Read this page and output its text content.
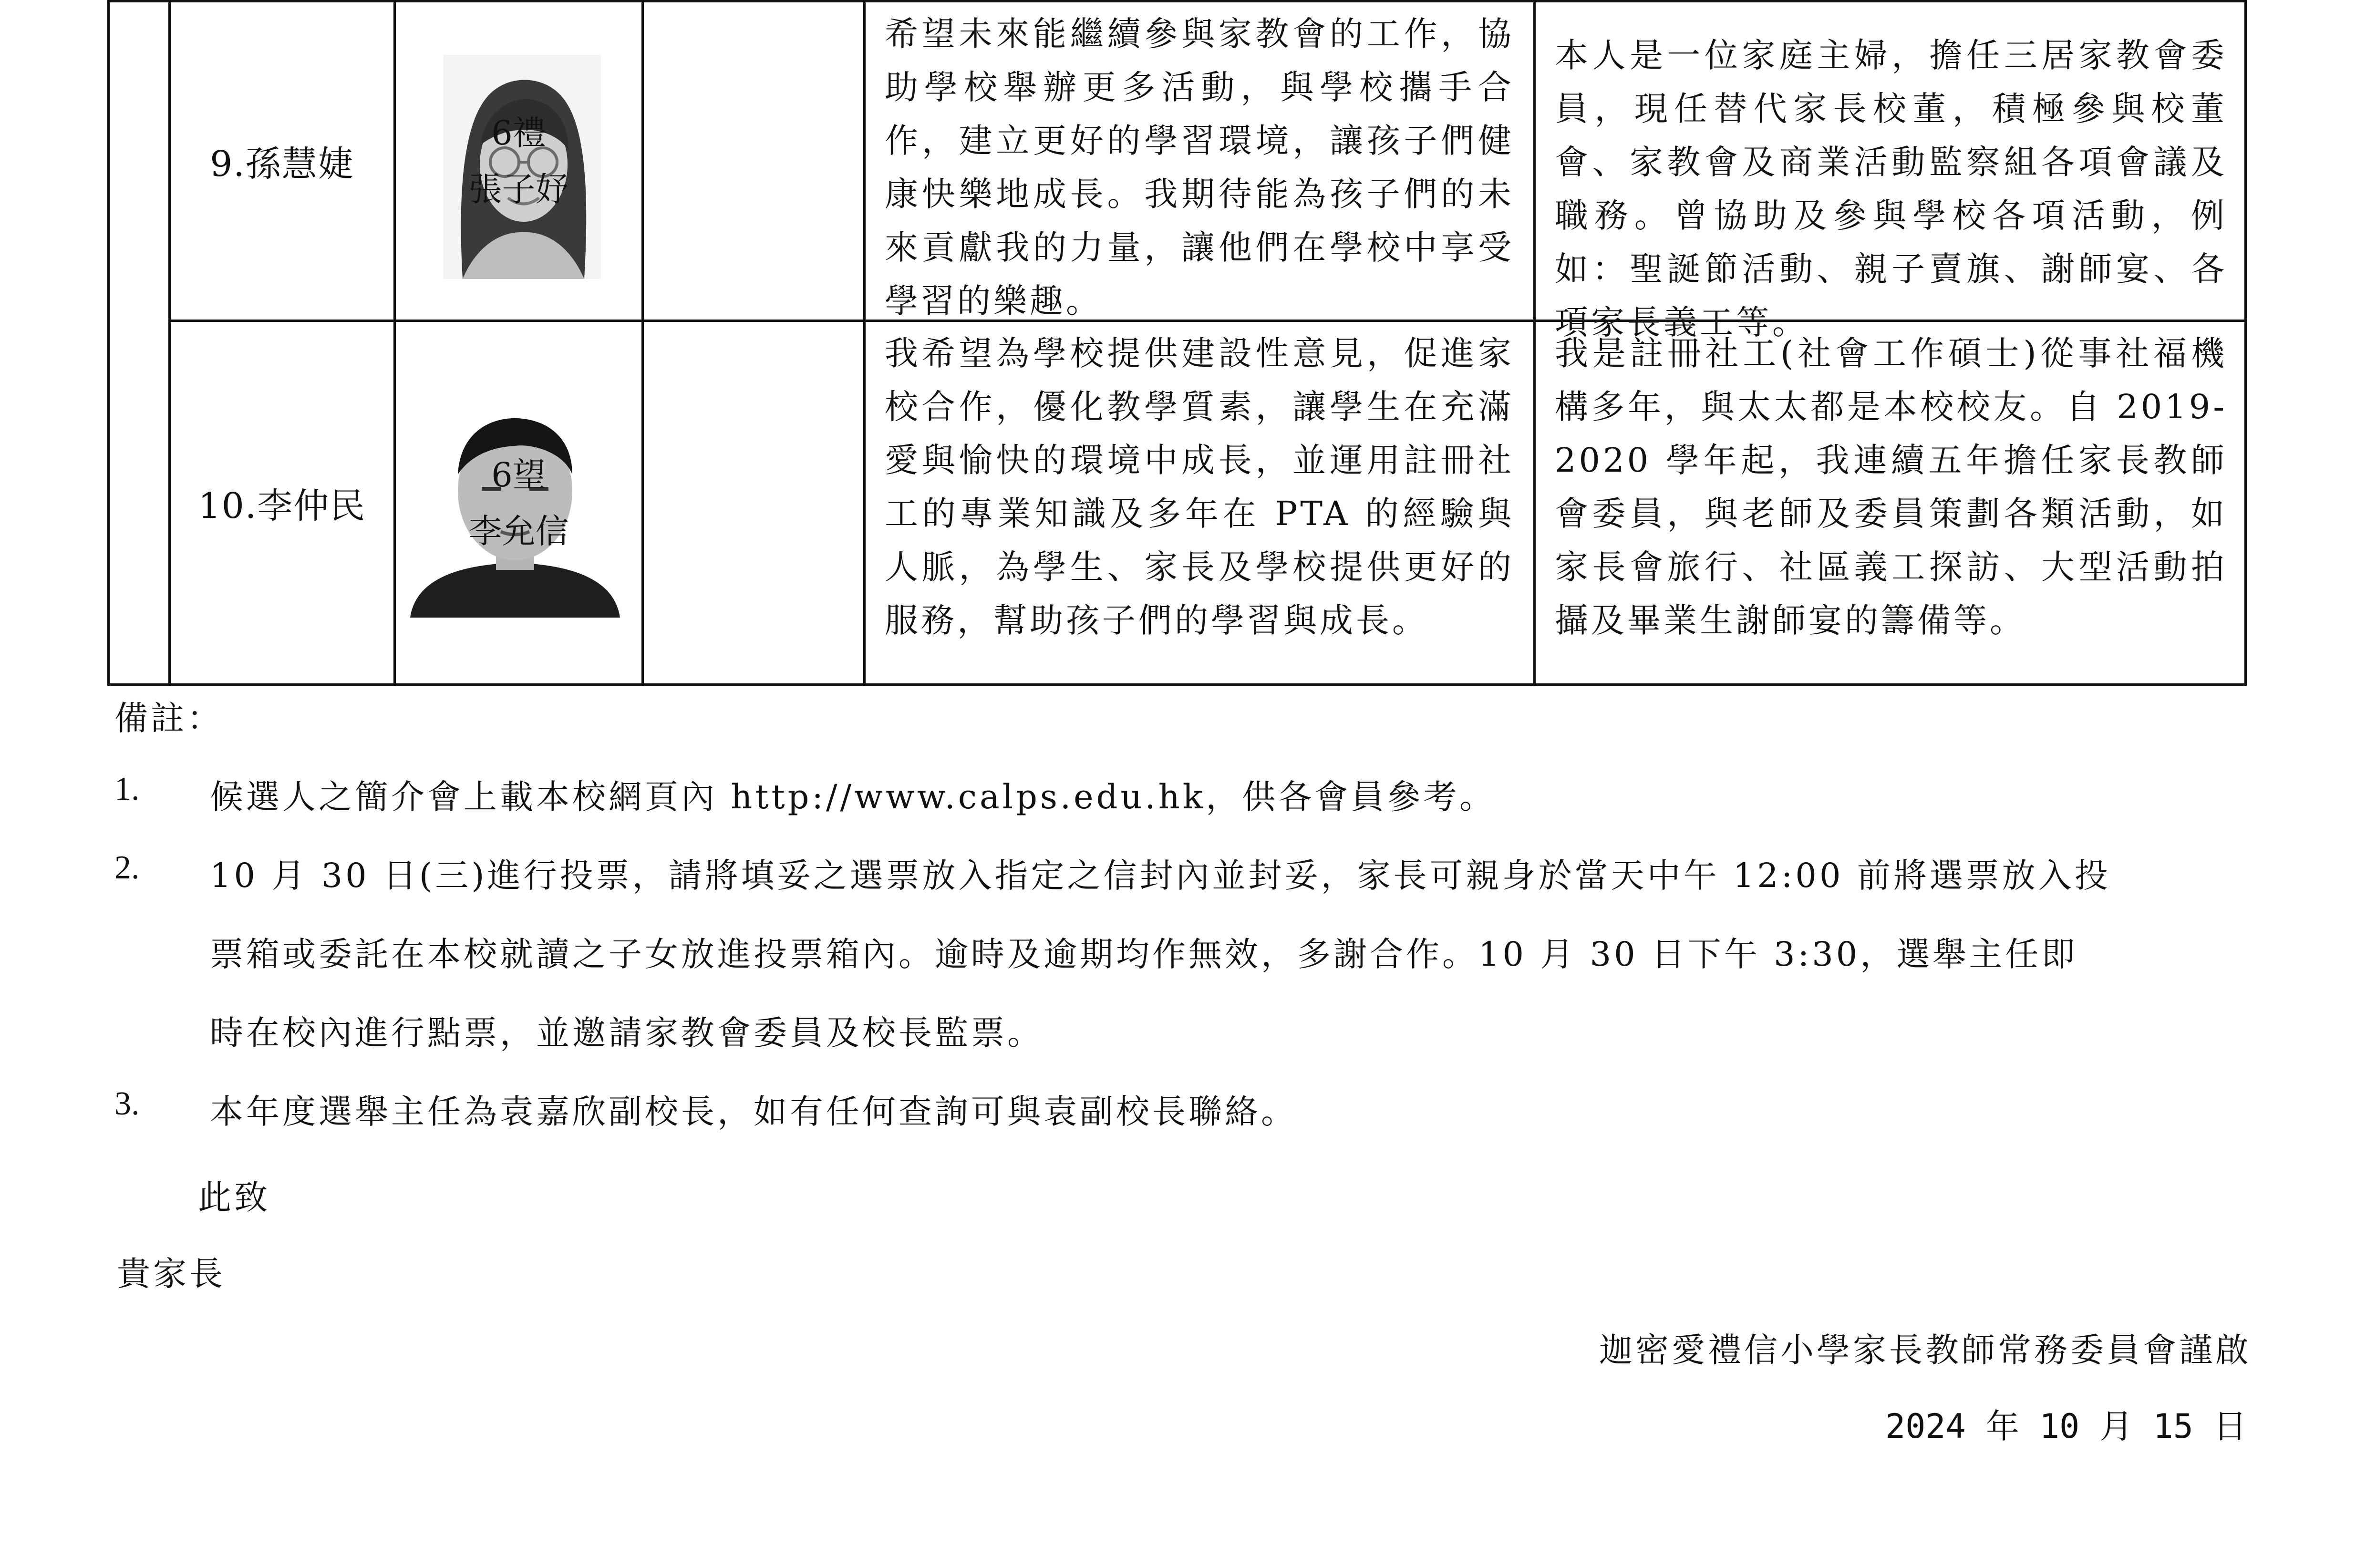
9.孫慧婕
6禮
張子妤
希望未來能繼續參與家教會的工作，協助學校舉辦更多活動，與學校攜手合作，建立更好的學習環境，讓孩子們健康快樂地成長。我期待能為孩子們的未來貢獻我的力量，讓他們在學校中享受學習的樂趣。
本人是一位家庭主婦，擔任三居家教會委員，現任替代家長校董，積極參與校董會、家教會及商業活動監察組各項會議及職務。曾協助及參與學校各項活動，例如：聖誕節活動、親子賣旗、謝師宴、各項家長義工等。
10.李仲民
6望
李允信
我希望為學校提供建設性意見，促進家校合作，優化教學質素，讓學生在充滿愛與愉快的環境中成長，並運用註冊社工的專業知識及多年在 PTA 的經驗與人脈，為學生、家長及學校提供更好的服務，幫助孩子們的學習與成長。
我是註冊社工(社會工作碩士)從事社福機構多年，與太太都是本校校友。自 2019-2020 學年起，我連續五年擔任家長教師會委員，與老師及委員策劃各類活動，如家長會旅行、社區義工探訪、大型活動拍攝及畢業生謝師宴的籌備等。
備註：
1. 候選人之簡介會上載本校網頁內 http://www.calps.edu.hk，供各會員參考。
2. 10 月 30 日(三)進行投票，請將填妥之選票放入指定之信封內並封妥，家長可親身於當天中午 12:00 前將選票放入投
票箱或委託在本校就讀之子女放進投票箱內。逾時及逾期均作無效，多謝合作。10 月 30 日下午 3:30，選舉主任即
時在校內進行點票，並邀請家教會委員及校長監票。
3. 本年度選舉主任為袁嘉欣副校長，如有任何查詢可與袁副校長聯絡。
此致
貴家長
迦密愛禮信小學家長教師常務委員會謹啟
2024 年 10 月 15 日
